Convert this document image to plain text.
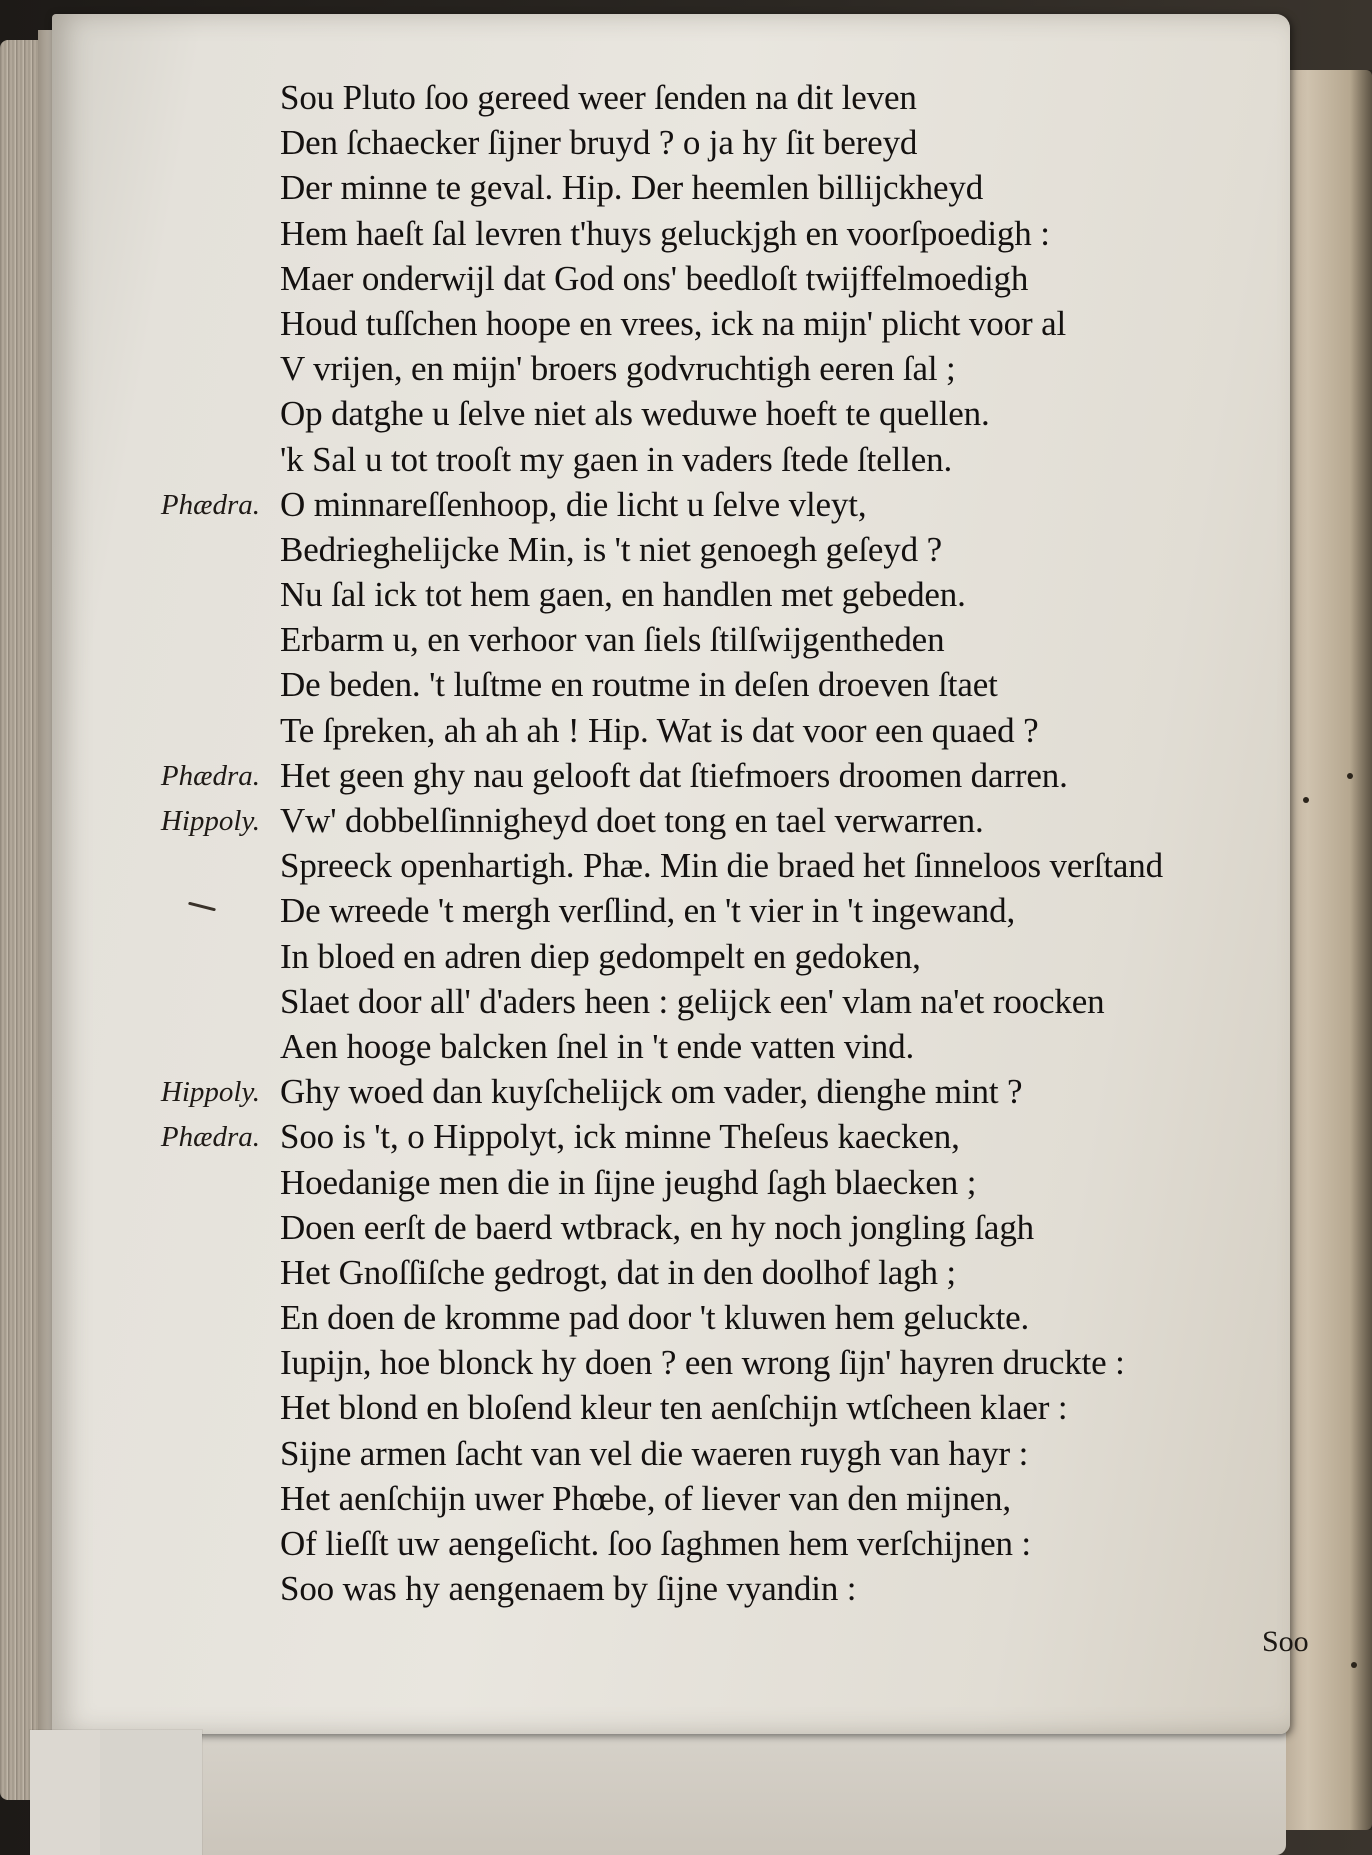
Sou Pluto ſoo gereed weer ſenden na dit leven
Den ſchaecker ſijner bruyd ? o ja hy ſit bereyd
Der minne te geval. Hip. Der heemlen billijckheyd
Hem haeſt ſal levren t'huys geluckjgh en voorſpoedigh :
Maer onderwijl dat God ons' beedloſt twijffelmoedigh
Houd tuſſchen hoope en vrees, ick na mijn' plicht voor al
V vrijen, en mijn' broers godvruchtigh eeren ſal ;
Op datghe u ſelve niet als weduwe hoeft te quellen.
'k Sal u tot trooſt my gaen in vaders ſtede ſtellen.
Phædra. O minnareſſenhoop, die licht u ſelve vleyt,
Bedrieghelijcke Min, is 't niet genoegh geſeyd ?
Nu ſal ick tot hem gaen, en handlen met gebeden.
Erbarm u, en verhoor van ſiels ſtilſwijgentheden
De beden. 't luſtme en routme in deſen droeven ſtaet
Te ſpreken, ah ah ah ! Hip. Wat is dat voor een quaed ?
Phædra. Het geen ghy nau gelooft dat ſtiefmoers droomen darren.
Hippoly. Vw' dobbelſinnigheyd doet tong en tael verwarren.
Spreeck openhartigh. Phæ. Min die braed het ſinneloos verſtand
De wreede 't mergh verſlind, en 't vier in 't ingewand,
In bloed en adren diep gedompelt en gedoken,
Slaet door all' d'aders heen : gelijck een' vlam na'et roocken
Aen hooge balcken ſnel in 't ende vatten vind.
Hippoly. Ghy woed dan kuyſchelijck om vader, dienghe mint ?
Phædra. Soo is 't, o Hippolyt, ick minne Theſeus kaecken,
Hoedanige men die in ſijne jeughd ſagh blaecken ;
Doen eerſt de baerd wtbrack, en hy noch jongling ſagh
Het Gnoſſiſche gedrogt, dat in den doolhof lagh ;
En doen de kromme pad door 't kluwen hem geluckte.
Iupijn, hoe blonck hy doen ? een wrong ſijn' hayren druckte :
Het blond en bloſend kleur ten aenſchijn wtſcheen klaer :
Sijne armen ſacht van vel die waeren ruygh van hayr :
Het aenſchijn uwer Phœbe, of liever van den mijnen,
Of lieſſt uw aengeſicht. ſoo ſaghmen hem verſchijnen :
Soo was hy aengenaem by ſijne vyandin :
Soo
